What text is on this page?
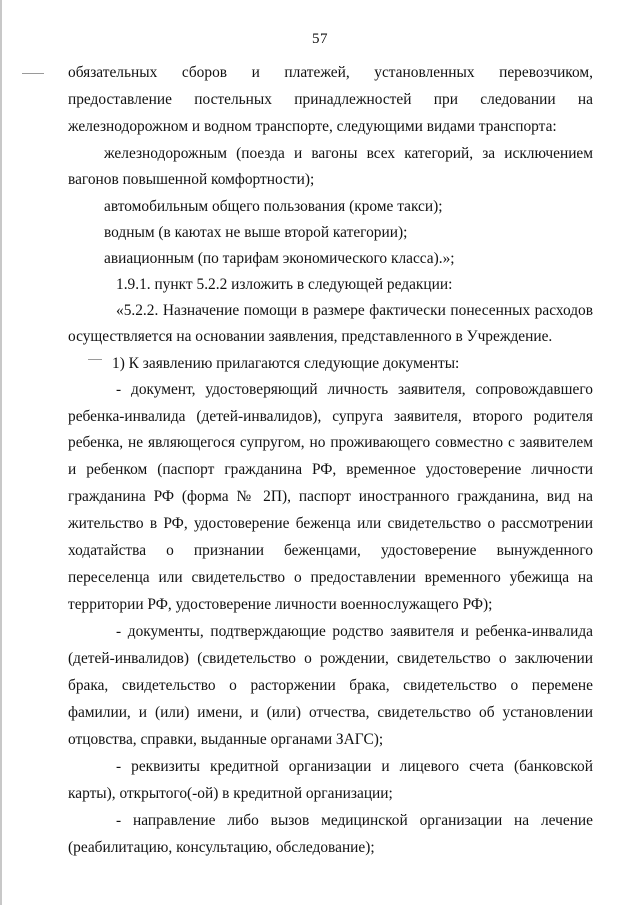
57
обязательных сборов и платежей, установленных перевозчиком,
предоставление постельных принадлежностей при следовании на
железнодорожном и водном транспорте, следующими видами транспорта:
железнодорожным (поезда и вагоны всех категорий, за исключением
вагонов повышенной комфортности);
автомобильным общего пользования (кроме такси);
водным (в каютах не выше второй категории);
авиационным (по тарифам экономического класса).»;
1.9.1. пункт 5.2.2 изложить в следующей редакции:
«5.2.2. Назначение помощи в размере фактически понесенных расходов
осуществляется на основании заявления, представленного в Учреждение.
1) К заявлению прилагаются следующие документы:
- документ, удостоверяющий личность заявителя, сопровождавшего
ребенка-инвалида (детей-инвалидов), супруга заявителя, второго родителя
ребенка, не являющегося супругом, но проживающего совместно с заявителем
и ребенком (паспорт гражданина РФ, временное удостоверение личности
гражданина РФ (форма № 2П), паспорт иностранного гражданина, вид на
жительство в РФ, удостоверение беженца или свидетельство о рассмотрении
ходатайства о признании беженцами, удостоверение вынужденного
переселенца или свидетельство о предоставлении временного убежища на
территории РФ, удостоверение личности военнослужащего РФ);
- документы, подтверждающие родство заявителя и ребенка-инвалида
(детей-инвалидов) (свидетельство о рождении, свидетельство о заключении
брака, свидетельство о расторжении брака, свидетельство о перемене
фамилии, и (или) имени, и (или) отчества, свидетельство об установлении
отцовства, справки, выданные органами ЗАГС);
- реквизиты кредитной организации и лицевого счета (банковской
карты), открытого(-ой) в кредитной организации;
- направление либо вызов медицинской организации на лечение
(реабилитацию, консультацию, обследование);
